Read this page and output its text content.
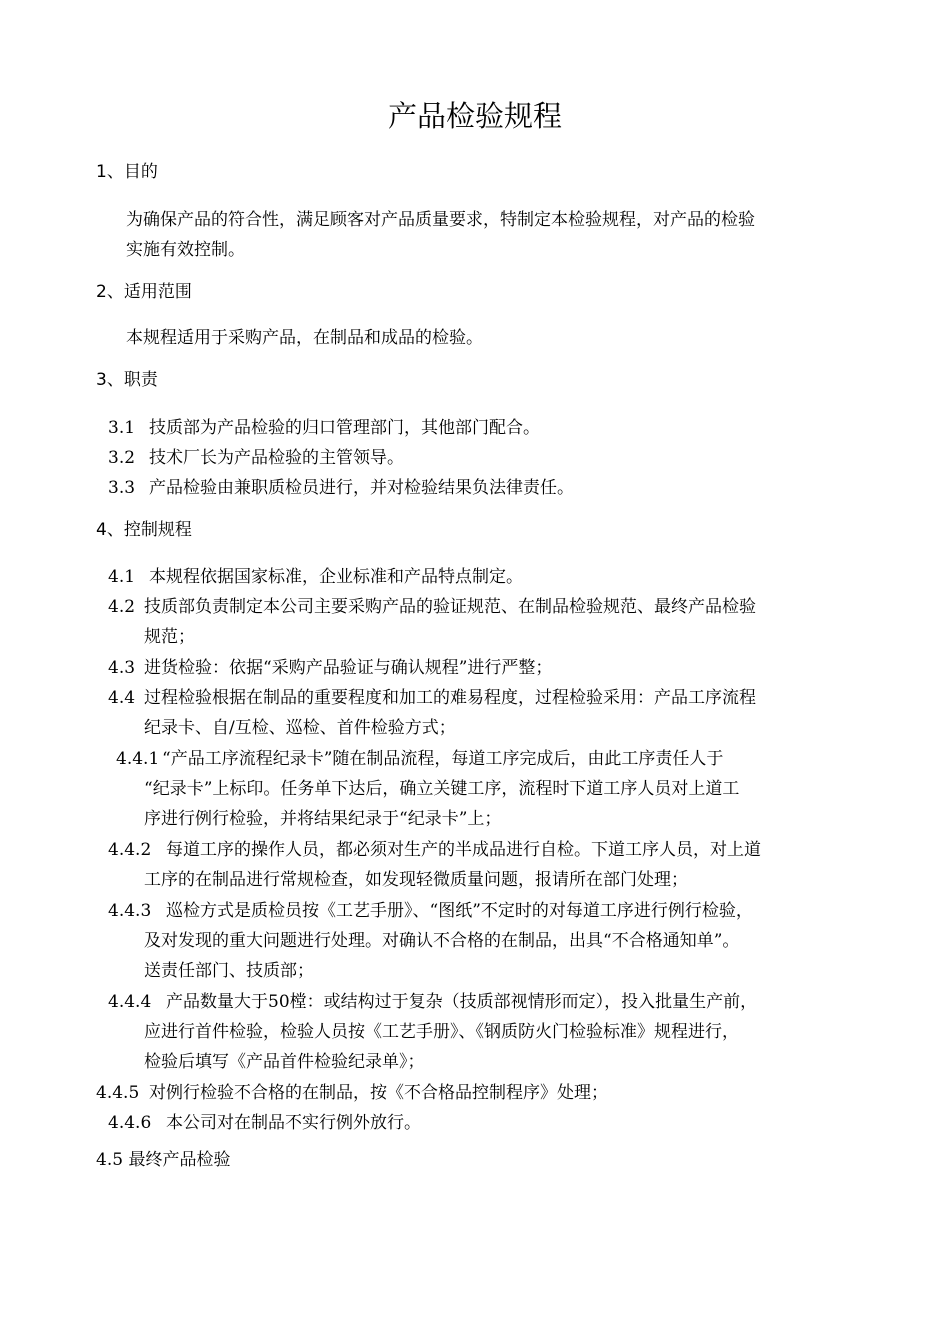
产品检验规程
1、目的
为确保产品的符合性，满足顾客对产品质量要求，特制定本检验规程，对产品的检验
实施有效控制。
2、适用范围
本规程适用于采购产品，在制品和成品的检验。
3、职责
3.1 技质部为产品检验的归口管理部门，其他部门配合。
3.2 技术厂长为产品检验的主管领导。
3.3 产品检验由兼职质检员进行，并对检验结果负法律责任。
4、控制规程
4.1 本规程依据国家标准，企业标准和产品特点制定。
4.2 技质部负责制定本公司主要采购产品的验证规范、在制品检验规范、最终产品检验
规范；
4.3 进货检验：依据“采购产品验证与确认规程”进行严整；
4.4 过程检验根据在制品的重要程度和加工的难易程度，过程检验采用：产品工序流程
纪录卡、自/互检、巡检、首件检验方式；
4.4.1 “产品工序流程纪录卡”随在制品流程，每道工序完成后，由此工序责任人于
“纪录卡”上标印。任务单下达后，确立关键工序，流程时下道工序人员对上道工
序进行例行检验，并将结果纪录于“纪录卡”上；
4.4.2 每道工序的操作人员，都必须对生产的半成品进行自检。下道工序人员，对上道
工序的在制品进行常规检查，如发现轻微质量问题，报请所在部门处理；
4.4.3 巡检方式是质检员按《工艺手册》、“图纸”不定时的对每道工序进行例行检验，
及对发现的重大问题进行处理。对确认不合格的在制品，出具“不合格通知单”。
送责任部门、技质部；
4.4.4 产品数量大于50樘：或结构过于复杂（技质部视情形而定），投入批量生产前，
应进行首件检验，检验人员按《工艺手册》、《钢质防火门检验标准》规程进行，
检验后填写《产品首件检验纪录单》；
4.4.5 对例行检验不合格的在制品，按《不合格品控制程序》处理；
4.4.6 本公司对在制品不实行例外放行。
4.5 最终产品检验
